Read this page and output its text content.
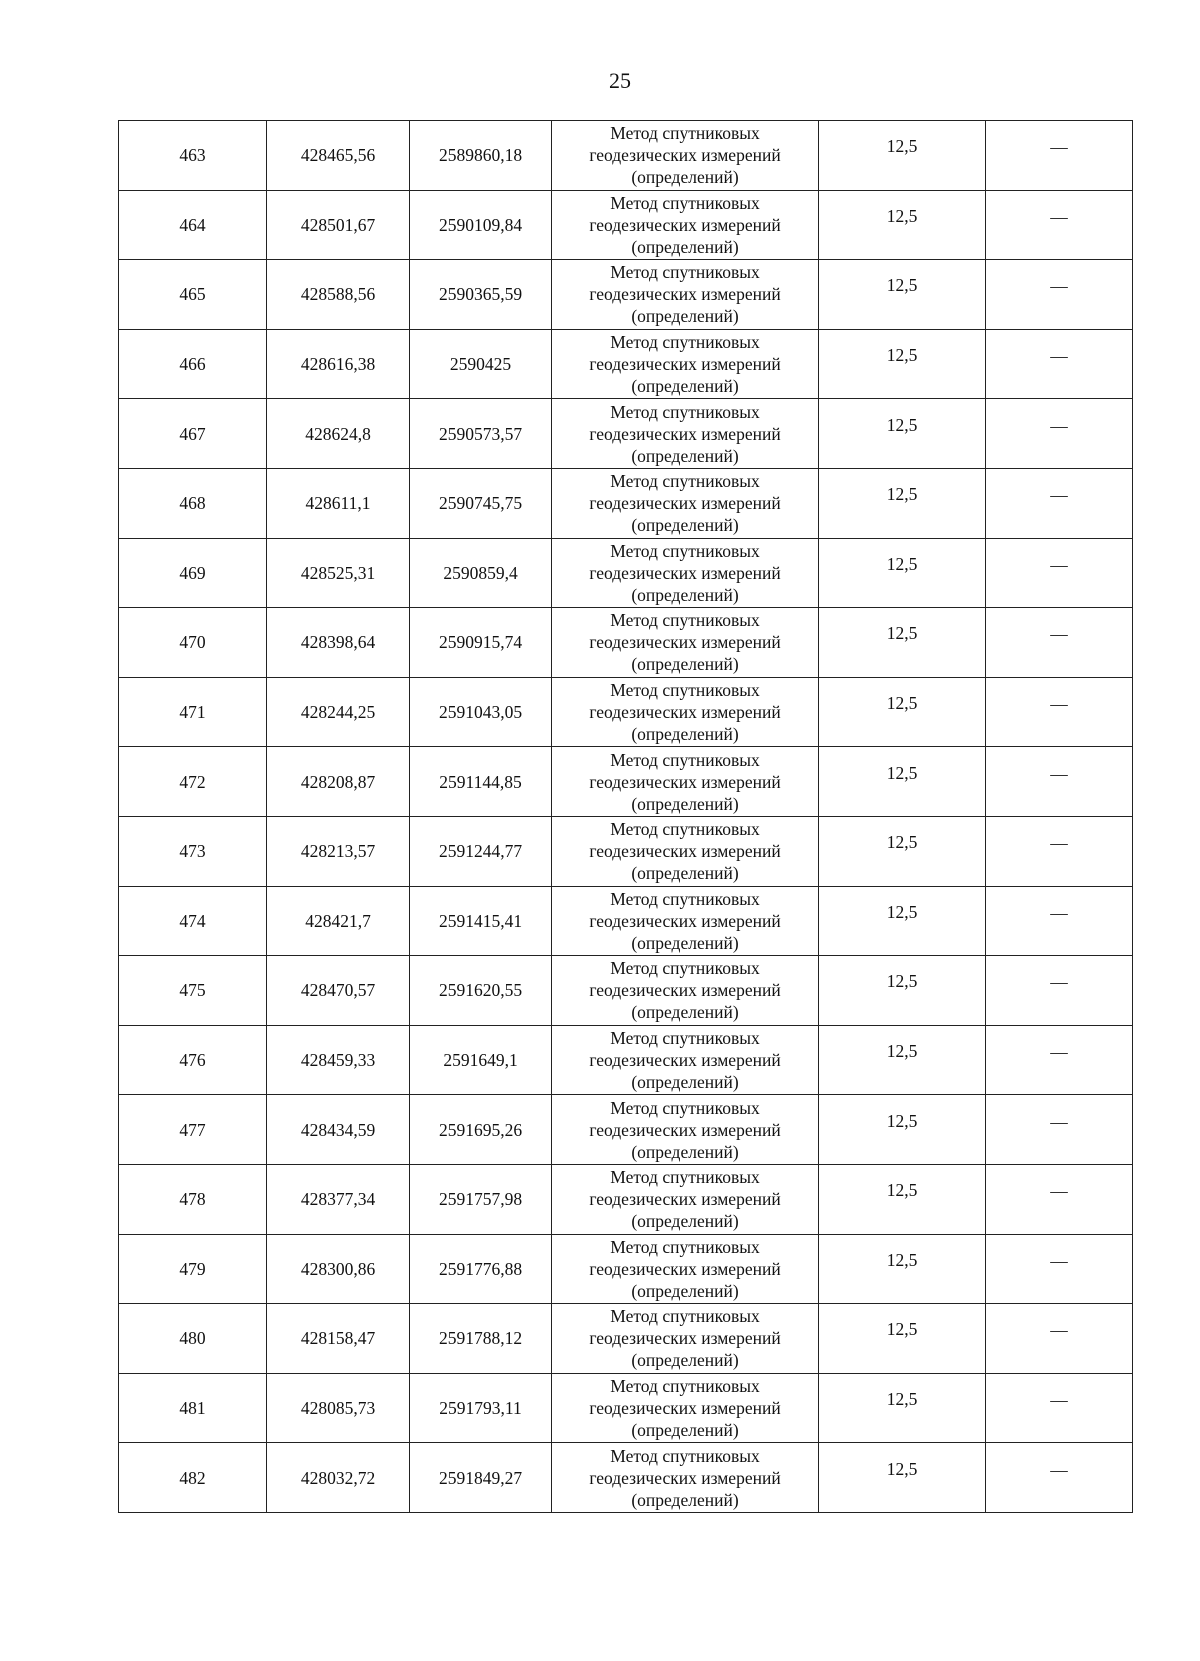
25
463	428465,56	2589860,18	Метод спутниковых
геодезических измерений
(определений)	12,5	—
464	428501,67	2590109,84	Метод спутниковых
геодезических измерений
(определений)	12,5	—
465	428588,56	2590365,59	Метод спутниковых
геодезических измерений
(определений)	12,5	—
466	428616,38	2590425	Метод спутниковых
геодезических измерений
(определений)	12,5	—
467	428624,8	2590573,57	Метод спутниковых
геодезических измерений
(определений)	12,5	—
468	428611,1	2590745,75	Метод спутниковых
геодезических измерений
(определений)	12,5	—
469	428525,31	2590859,4	Метод спутниковых
геодезических измерений
(определений)	12,5	—
470	428398,64	2590915,74	Метод спутниковых
геодезических измерений
(определений)	12,5	—
471	428244,25	2591043,05	Метод спутниковых
геодезических измерений
(определений)	12,5	—
472	428208,87	2591144,85	Метод спутниковых
геодезических измерений
(определений)	12,5	—
473	428213,57	2591244,77	Метод спутниковых
геодезических измерений
(определений)	12,5	—
474	428421,7	2591415,41	Метод спутниковых
геодезических измерений
(определений)	12,5	—
475	428470,57	2591620,55	Метод спутниковых
геодезических измерений
(определений)	12,5	—
476	428459,33	2591649,1	Метод спутниковых
геодезических измерений
(определений)	12,5	—
477	428434,59	2591695,26	Метод спутниковых
геодезических измерений
(определений)	12,5	—
478	428377,34	2591757,98	Метод спутниковых
геодезических измерений
(определений)	12,5	—
479	428300,86	2591776,88	Метод спутниковых
геодезических измерений
(определений)	12,5	—
480	428158,47	2591788,12	Метод спутниковых
геодезических измерений
(определений)	12,5	—
481	428085,73	2591793,11	Метод спутниковых
геодезических измерений
(определений)	12,5	—
482	428032,72	2591849,27	Метод спутниковых
геодезических измерений
(определений)	12,5	—
